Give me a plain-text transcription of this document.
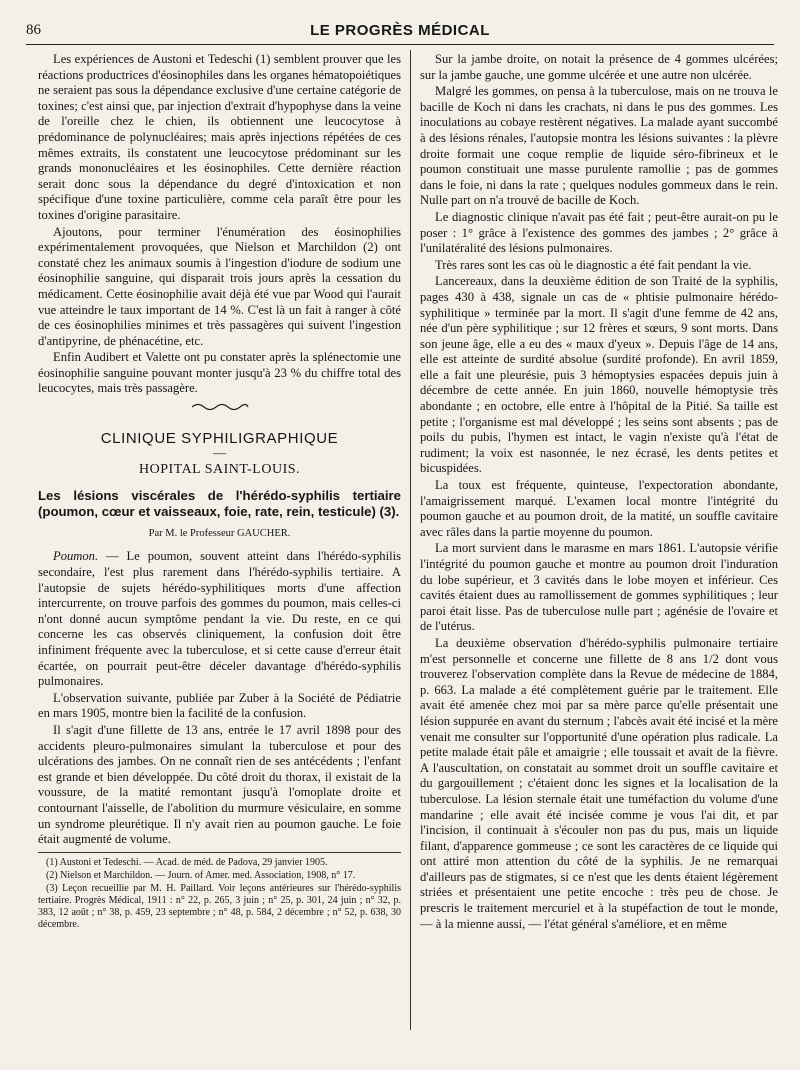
86	LE PROGRÈS MÉDICAL

Les expériences de Austoni et Tedeschi (1) semblent prouver que les réactions productrices d'éosinophiles dans les organes hématopoiétiques ne seraient pas sous la dépendance exclusive d'une certaine catégorie de toxines; c'est ainsi que, par injection d'extrait d'hypophyse dans la veine de l'oreille chez le chien, ils obtiennent une leucocytose à prédominance de polynucléaires; mais après injections répétées de ces mêmes extraits, ils constatent une leucocytose prédominant sur les grands mononucléaires et les éosinophiles. Cette dernière réaction serait donc sous la dépendance du degré d'intoxication et non spécifique d'une toxine particulière, comme cela paraît être pour les toxines d'origine parasitaire.

Ajoutons, pour terminer l'énumération des éosinophilies expérimentalement provoquées, que Nielson et Marchildon (2) ont constaté chez les animaux soumis à l'ingestion d'iodure de sodium une éosinophilie sanguine, qui disparait trois jours après la cessation du médicament. Cette éosinophilie avait déjà été vue par Wood qui l'aurait vue atteindre le taux important de 14 %. C'est là un fait à ranger à côté de ces éosinophilies minimes et très passagères qui suivent l'ingestion d'antipyrine, de phénacétine, etc.

Enfin Audibert et Valette ont pu constater après la splénectomie une éosinophilie sanguine pouvant monter jusqu'à 23 % du chiffre total des leucocytes, mais très passagère.

CLINIQUE SYPHILIGRAPHIQUE
—
HOPITAL SAINT-LOUIS.
Les lésions viscérales de l'hérédo-syphilis tertiaire (poumon, cœur et vaisseaux, foie, rate, rein, testicule) (3).
Par M. le Professeur GAUCHER.

Poumon. — Le poumon, souvent atteint dans l'hérédo-syphilis secondaire, l'est plus rarement dans l'hérédo-syphilis tertiaire. A l'autopsie de sujets hérédo-syphilitiques morts d'une affection intercurrente, on trouve parfois des gommes du poumon, mais celles-ci n'ont donné aucun symptôme pendant la vie. Du reste, en ce qui concerne les cas observés cliniquement, la confusion doit être infiniment fréquente avec la tuberculose, et si cette cause d'erreur était écartée, on pourrait peut-être déceler davantage d'hérédo-syphilis pulmonaires.

L'observation suivante, publiée par Zuber à la Société de Pédiatrie en mars 1905, montre bien la facilité de la confusion.

Il s'agit d'une fillette de 13 ans, entrée le 17 avril 1898 pour des accidents pleuro-pulmonaires simulant la tuberculose et pour des ulcérations des jambes. On ne connaît rien de ses antécédents ; l'enfant est grande et bien développée. Du côté droit du thorax, il existait de la voussure, de la matité remontant jusqu'à l'omoplate droite et contournant l'aisselle, de l'abolition du murmure vésiculaire, en somme un syndrome pleurétique. Il n'y avait rien au poumon gauche. Le foie était augmenté de volume.

(1) Austoni et Tedeschi. — Acad. de méd. de Padova, 29 janvier 1905.
(2) Nielson et Marchildon. — Journ. of Amer. med. Association, 1908, n° 17.
(3) Leçon recueillie par M. H. Paillard. Voir leçons antérieures sur l'hérédo-syphilis tertiaire. Progrès Médical, 1911 : n° 22, p. 265, 3 juin ; n° 25, p. 301, 24 juin ; n° 32, p. 383, 12 août ; n° 38, p. 459, 23 septembre ; n° 48, p. 584, 2 décembre ; n° 52, p. 638, 30 décembre.

Sur la jambe droite, on notait la présence de 4 gommes ulcérées; sur la jambe gauche, une gomme ulcérée et une autre non ulcérée.

Malgré les gommes, on pensa à la tuberculose, mais on ne trouva le bacille de Koch ni dans les crachats, ni dans le pus des gommes. Les inoculations au cobaye restèrent négatives. La malade ayant succombé à des lésions rénales, l'autopsie montra les lésions suivantes : la plèvre droite formait une coque remplie de liquide séro-fibrineux et le poumon constituait une masse purulente ramollie ; pas de gommes dans le foie, ni dans la rate ; quelques nodules gommeux dans le rein. Nulle part on n'a trouvé de bacille de Koch.

Le diagnostic clinique n'avait pas été fait ; peut-être aurait-on pu le poser : 1° grâce à l'existence des gommes des jambes ; 2° grâce à l'unilatéralité des lésions pulmonaires.

Très rares sont les cas où le diagnostic a été fait pendant la vie.

Lancereaux, dans la deuxième édition de son Traité de la syphilis, pages 430 à 438, signale un cas de « phtisie pulmonaire hérédo-syphilitique » terminée par la mort. Il s'agit d'une femme de 42 ans, née d'un père syphilitique ; sur 12 frères et sœurs, 9 sont morts. Dans son jeune âge, elle a eu des « maux d'yeux ». Depuis l'âge de 14 ans, elle est atteinte de surdité absolue (surdité profonde). En avril 1859, elle a fait une pleurésie, puis 3 hémoptysies espacées depuis juin à décembre de cette année. En juin 1860, nouvelle hémoptysie très abondante ; en octobre, elle entre à l'hôpital de la Pitié. Sa taille est petite ; l'organisme est mal développé ; les seins sont absents ; pas de poils du pubis, l'hymen est intact, le vagin n'existe qu'à l'état de rudiment; la voix est nasonnée, le nez écrasé, les dents petites et bicuspidées.

La toux est fréquente, quinteuse, l'expectoration abondante, l'amaigrissement marqué. L'examen local montre l'intégrité du poumon gauche et au poumon droit, de la matité, un souffle cavitaire avec râles dans la partie moyenne du poumon.

La mort survient dans le marasme en mars 1861. L'autopsie vérifie l'intégrité du poumon gauche et montre au poumon droit l'induration du lobe supérieur, et 3 cavités dans le lobe moyen et inférieur. Ces cavités étaient dues au ramollissement de gommes syphilitiques ; leur paroi était lisse. Pas de tuberculose nulle part ; agénésie de l'ovaire et de l'utérus.

La deuxième observation d'hérédo-syphilis pulmonaire tertiaire m'est personnelle et concerne une fillette de 8 ans 1/2 dont vous trouverez l'observation complète dans la Revue de médecine de 1884, p. 663. La malade a été complètement guérie par le traitement. Elle avait été amenée chez moi par sa mère parce qu'elle présentait une lésion suppurée en avant du sternum ; l'abcès avait été incisé et la mère venait me consulter sur l'opportunité d'une opération plus radicale. La petite malade était pâle et amaigrie ; elle toussait et avait de la fièvre. A l'auscultation, on constatait au sommet droit un souffle cavitaire et du gargouillement ; c'étaient donc les signes et la localisation de la tuberculose. La lésion sternale était une tuméfaction du volume d'une mandarine ; elle avait été incisée comme je vous l'ai dit, et par l'incision, il continuait à s'écouler non pas du pus, mais un liquide filant, d'apparence gommeuse ; ce sont les caractères de ce liquide qui ont attiré mon attention du côté de la syphilis. Je ne remarquai d'ailleurs pas de stigmates, si ce n'est que les dents étaient légèrement striées et présentaient une petite encoche : très peu de chose. Je prescris le traitement mercuriel et à la stupéfaction de tout le monde, — à la mienne aussi, — l'état général s'améliore, et en même
